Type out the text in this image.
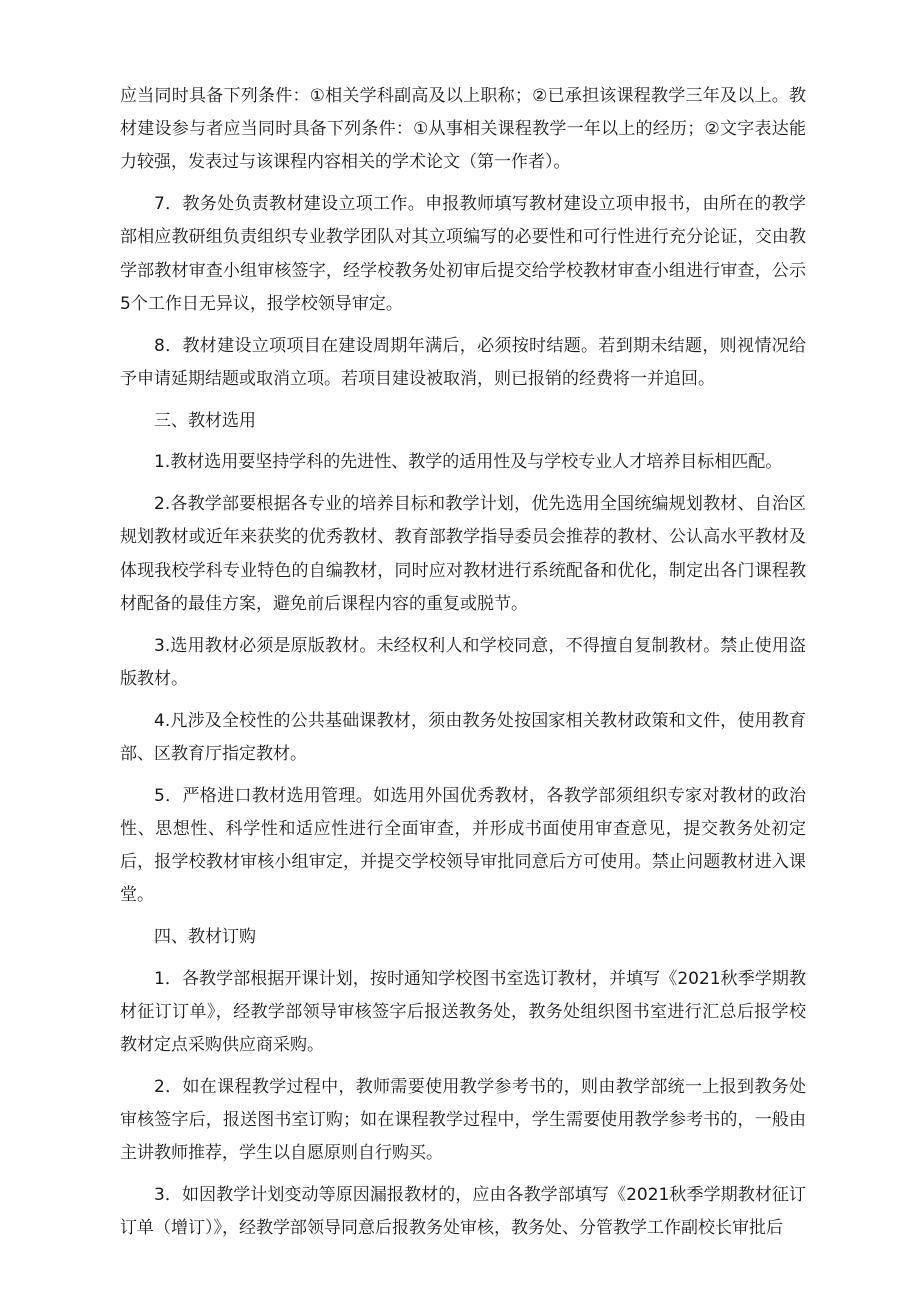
应当同时具备下列条件：①相关学科副高及以上职称；②已承担该课程教学三年及以上。教材建设参与者应当同时具备下列条件：①从事相关课程教学一年以上的经历；②文字表达能力较强，发表过与该课程内容相关的学术论文（第一作者）。

7．教务处负责教材建设立项工作。申报教师填写教材建设立项申报书，由所在的教学部相应教研组负责组织专业教学团队对其立项编写的必要性和可行性进行充分论证，交由教学部教材审查小组审核签字，经学校教务处初审后提交给学校教材审查小组进行审查，公示5个工作日无异议，报学校领导审定。

8．教材建设立项项目在建设周期年满后，必须按时结题。若到期未结题，则视情况给予申请延期结题或取消立项。若项目建设被取消，则已报销的经费将一并追回。

三、教材选用

1.教材选用要坚持学科的先进性、教学的适用性及与学校专业人才培养目标相匹配。

2.各教学部要根据各专业的培养目标和教学计划，优先选用全国统编规划教材、自治区规划教材或近年来获奖的优秀教材、教育部教学指导委员会推荐的教材、公认高水平教材及体现我校学科专业特色的自编教材，同时应对教材进行系统配备和优化，制定出各门课程教材配备的最佳方案，避免前后课程内容的重复或脱节。

3.选用教材必须是原版教材。未经权利人和学校同意，不得擅自复制教材。禁止使用盗版教材。

4.凡涉及全校性的公共基础课教材，须由教务处按国家相关教材政策和文件，使用教育部、区教育厅指定教材。

5．严格进口教材选用管理。如选用外国优秀教材，各教学部须组织专家对教材的政治性、思想性、科学性和适应性进行全面审查，并形成书面使用审查意见，提交教务处初定后，报学校教材审核小组审定，并提交学校领导审批同意后方可使用。禁止问题教材进入课堂。

四、教材订购

1．各教学部根据开课计划，按时通知学校图书室选订教材，并填写《2021秋季学期教材征订订单》，经教学部领导审核签字后报送教务处，教务处组织图书室进行汇总后报学校教材定点采购供应商采购。

2．如在课程教学过程中，教师需要使用教学参考书的，则由教学部统一上报到教务处审核签字后，报送图书室订购；如在课程教学过程中，学生需要使用教学参考书的，一般由主讲教师推荐，学生以自愿原则自行购买。

3．如因教学计划变动等原因漏报教材的，应由各教学部填写《2021秋季学期教材征订订单（增订）》，经教学部领导同意后报教务处审核，教务处、分管教学工作副校长审批后
